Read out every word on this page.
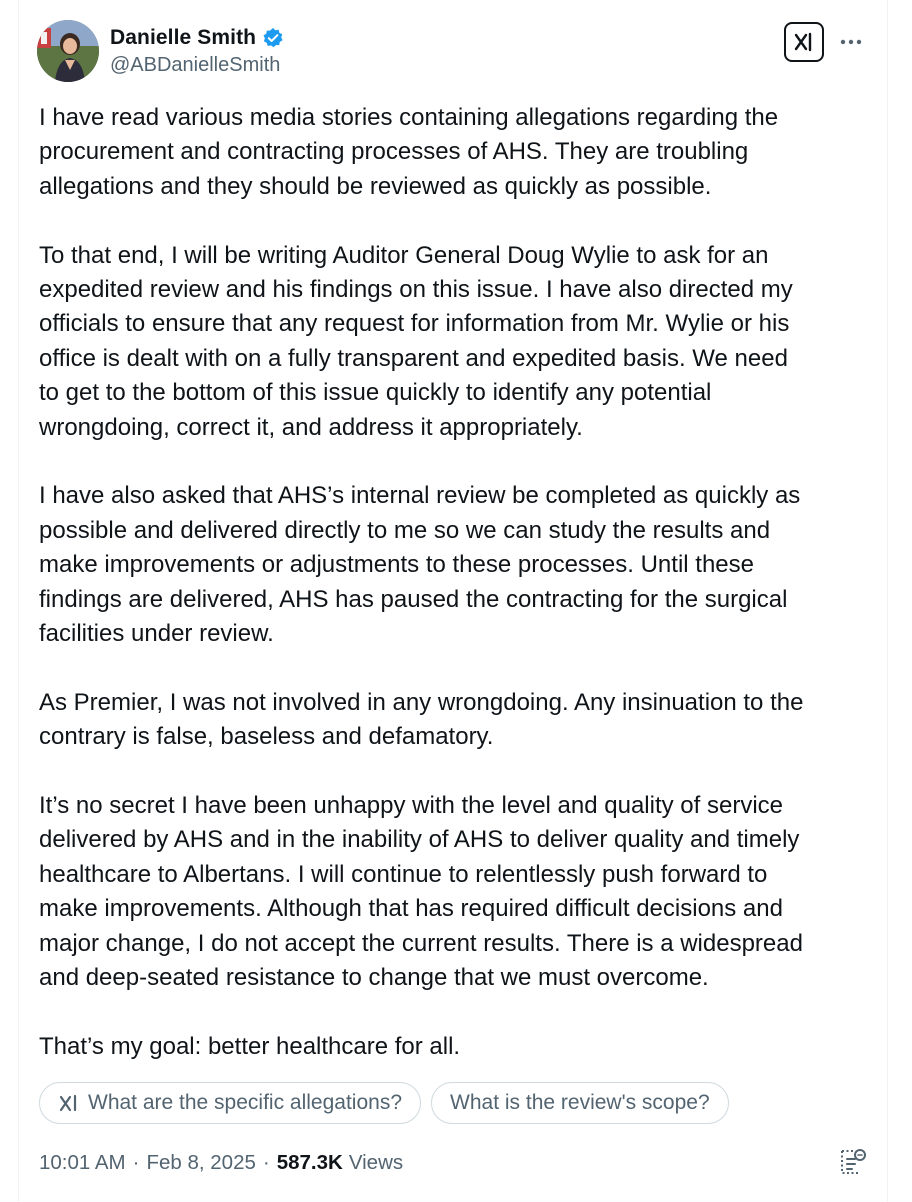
Danielle Smith
@ABDanielleSmith

I have read various media stories containing allegations regarding the
procurement and contracting processes of AHS. They are troubling
allegations and they should be reviewed as quickly as possible.

To that end, I will be writing Auditor General Doug Wylie to ask for an
expedited review and his findings on this issue. I have also directed my
officials to ensure that any request for information from Mr. Wylie or his
office is dealt with on a fully transparent and expedited basis. We need
to get to the bottom of this issue quickly to identify any potential
wrongdoing, correct it, and address it appropriately.

I have also asked that AHS’s internal review be completed as quickly as
possible and delivered directly to me so we can study the results and
make improvements or adjustments to these processes. Until these
findings are delivered, AHS has paused the contracting for the surgical
facilities under review.

As Premier, I was not involved in any wrongdoing. Any insinuation to the
contrary is false, baseless and defamatory.

It’s no secret I have been unhappy with the level and quality of service
delivered by AHS and in the inability of AHS to deliver quality and timely
healthcare to Albertans. I will continue to relentlessly push forward to
make improvements. Although that has required difficult decisions and
major change, I do not accept the current results. There is a widespread
and deep-seated resistance to change that we must overcome.

That’s my goal: better healthcare for all.

What are the specific allegations? What is the review's scope?
10:01 AM · Feb 8, 2025 · 587.3K Views
